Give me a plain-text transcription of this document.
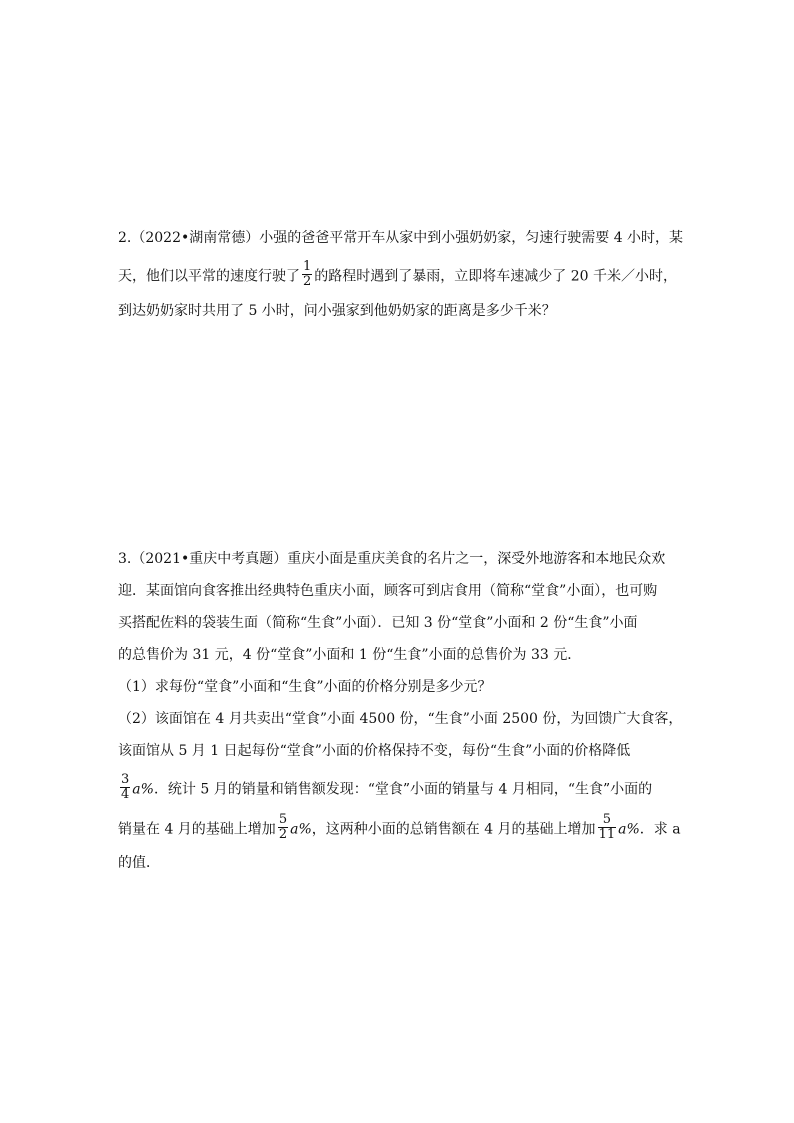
2.（2022•湖南常德）小强的爸爸平常开车从家中到小强奶奶家，匀速行驶需要 4 小时，某
天，他们以平常的速度行驶了 $\frac{1}{2}$ 的路程时遇到了暴雨，立即将车速减少了 20 千米／小时，
到达奶奶家时共用了 5 小时，问小强家到他奶奶家的距离是多少千米？
3.（2021•重庆中考真题）重庆小面是重庆美食的名片之一，深受外地游客和本地民众欢
迎．某面馆向食客推出经典特色重庆小面，顾客可到店食用（简称“堂食”小面），也可购
买搭配佐料的袋装生面（简称“生食”小面）．已知 3 份“堂食”小面和 2 份“生食”小面
的总售价为 31 元，4 份“堂食”小面和 1 份“生食”小面的总售价为 33 元．
（1）求每份“堂食”小面和“生食”小面的价格分别是多少元？
（2）该面馆在 4 月共卖出“堂食”小面 4500 份，“生食”小面 2500 份，为回馈广大食客，
该面馆从 5 月 1 日起每份“堂食”小面的价格保持不变，每份“生食”小面的价格降低
$\frac{3}{4} a\%$．统计 5 月的销量和销售额发现：“堂食”小面的销量与 4 月相同，“生食”小面的
销量在 4 月的基础上增加 $\frac{5}{2} a\%$，这两种小面的总销售额在 4 月的基础上增加 $\frac{5}{11} a\%$．求 a
的值．
